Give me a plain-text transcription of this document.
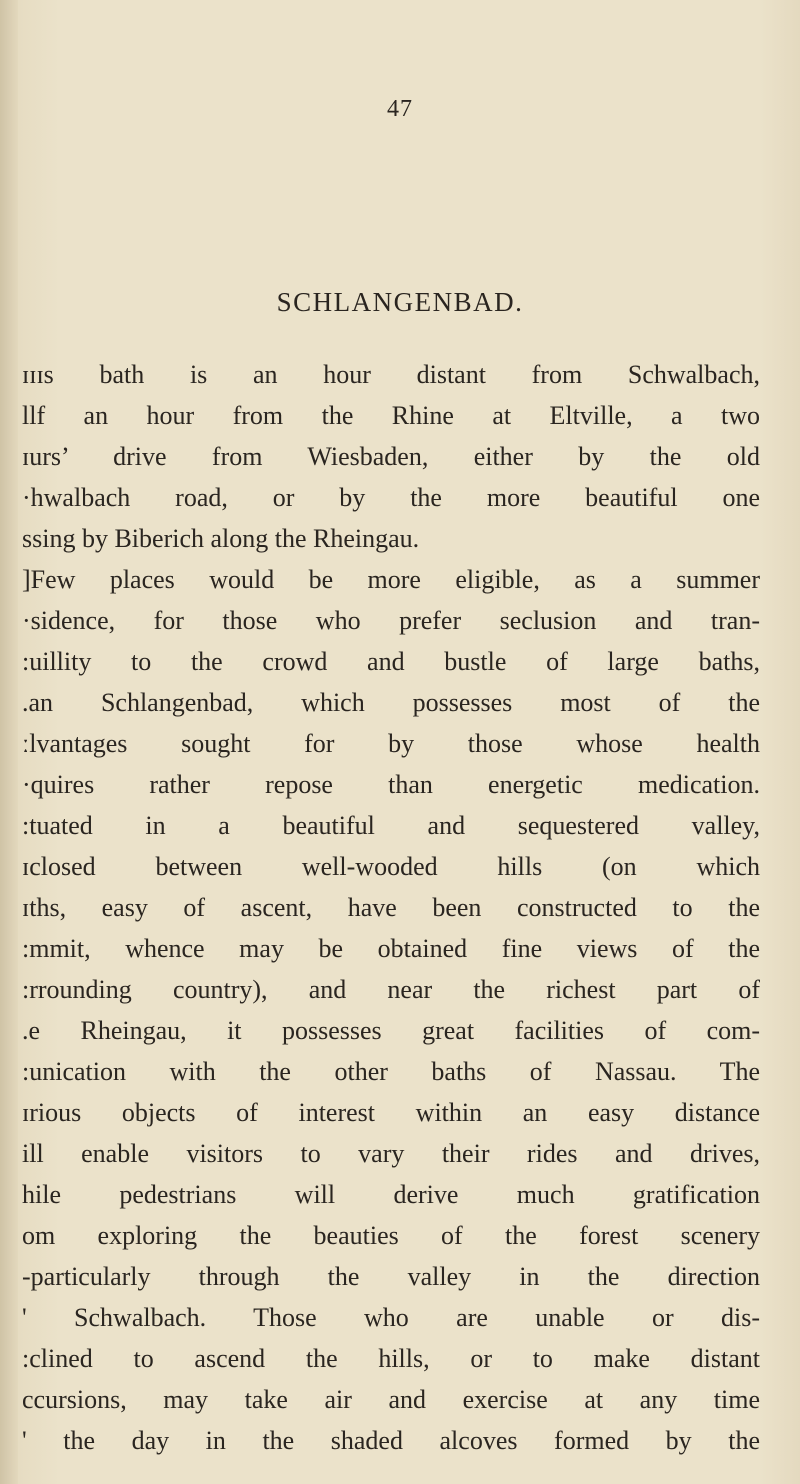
47
SCHLANGENBAD.
ɪɪɪs bath is an hour distant from Schwalbach,
llf an hour from the Rhine at Eltville, a two
ɪurs’ drive from Wiesbaden, either by the old
·hwalbach road, or by the more beautiful one
ssing by Biberich along the Rheingau.
]Few places would be more eligible, as a summer
·sidence, for those who prefer seclusion and tran-
:uillity to the crowd and bustle of large baths,
.an Schlangenbad, which possesses most of the
ːlvantages sought for by those whose health
·quires rather repose than energetic medication.
:tuated in a beautiful and sequestered valley,
ɪclosed between well-wooded hills (on which
ɪths, easy of ascent, have been constructed to the
:mmit, whence may be obtained fine views of the
:rrounding country), and near the richest part of
.e Rheingau, it possesses great facilities of com-
:unication with the other baths of Nassau. The
ɪrious objects of interest within an easy distance
ill enable visitors to vary their rides and drives,
hile pedestrians will derive much gratification
om exploring the beauties of the forest scenery
-particularly through the valley in the direction
' Schwalbach. Those who are unable or dis-
:clined to ascend the hills, or to make distant
ccursions, may take air and exercise at any time
' the day in the shaded alcoves formed by the
